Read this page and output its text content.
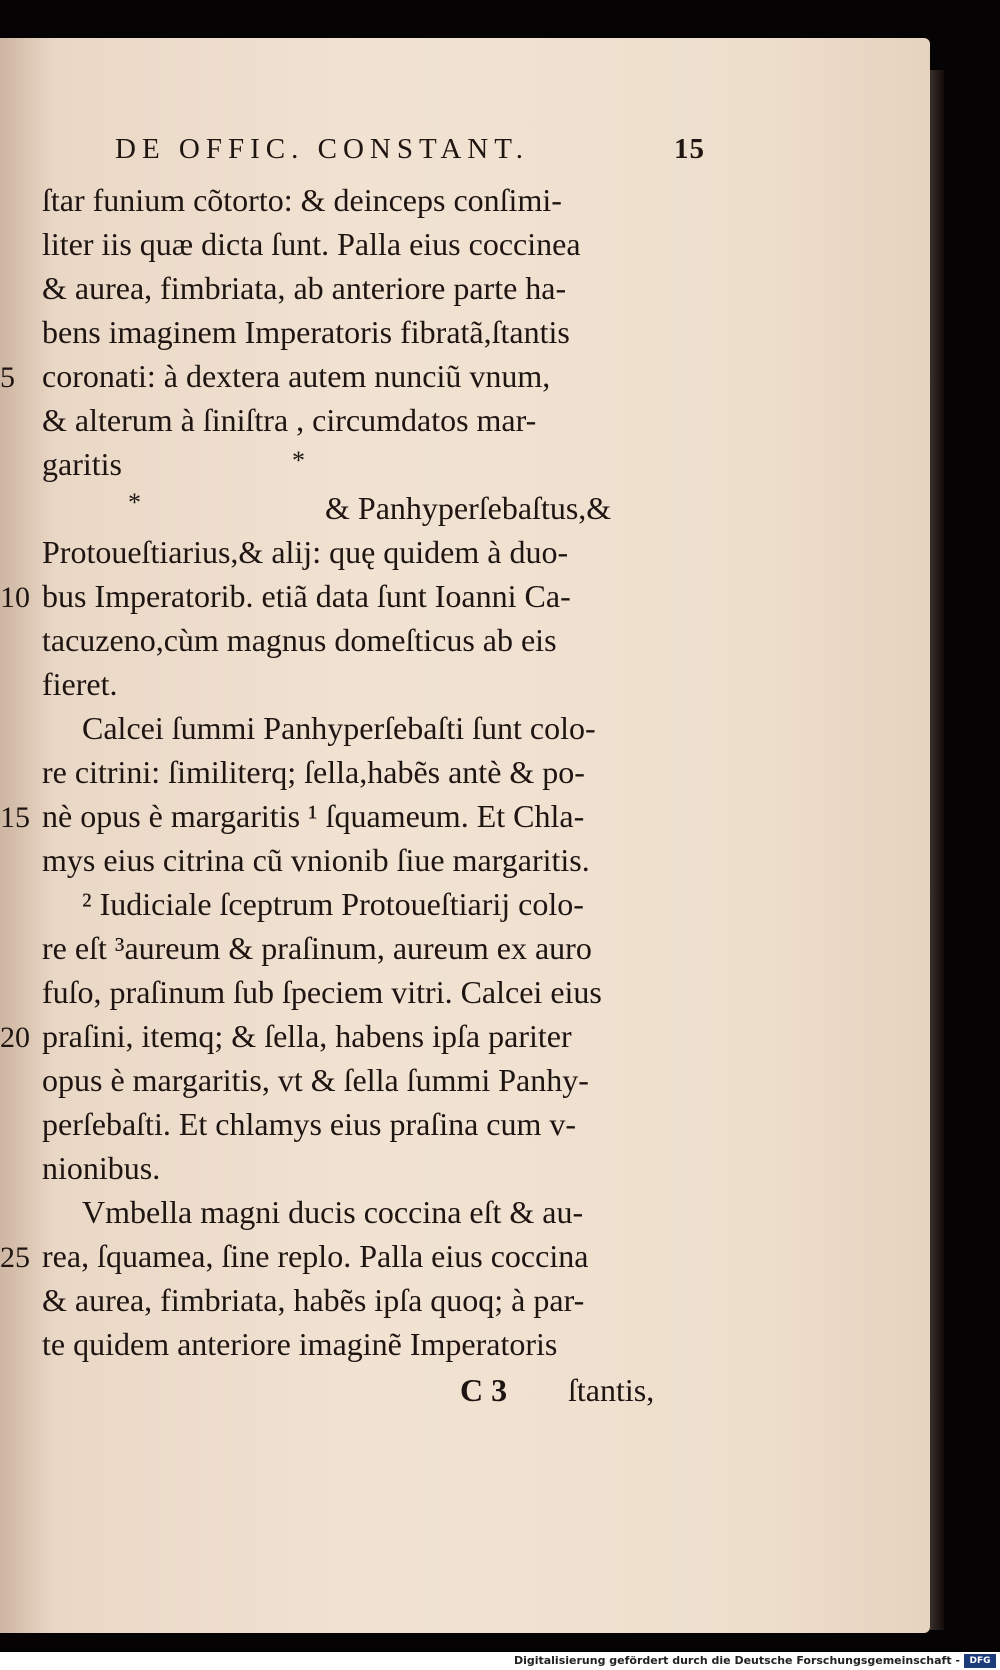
DE OFFIC. CONSTANT.	15
ſtar funium cõtorto: & deinceps conſimi-
liter iis quæ dicta ſunt. Palla eius coccinea
& aurea, fimbriata, ab anteriore parte ha-
bens imaginem Imperatoris fibratã,ſtantis
coronati: à dextera autem nunciũ vnum,
& alterum à ſiniſtra , circumdatos mar-
garitis	*
*	& Panhyperſebaſtus,&
Protoueſtiarius,& alij: quę quidem à duo-
bus Imperatorib. etiã data ſunt Ioanni Ca-
tacuzeno,cùm magnus domeſticus ab eis
fieret.
Calcei ſummi Panhyperſebaſti ſunt colo-
re citrini: ſimiliterq; ſella,habẽs antè & po-
nè opus è margaritis ¹ ſquameum. Et Chla-
mys eius citrina cũ vnionib ſiue margaritis.
² Iudiciale ſceptrum Protoueſtiarij colo-
re eſt ³aureum & praſinum, aureum ex auro
fuſo, praſinum ſub ſpeciem vitri. Calcei eius
praſini, itemq; & ſella, habens ipſa pariter
opus è margaritis, vt & ſella ſummi Panhy-
perſebaſti. Et chlamys eius praſina cum v-
nionibus.
Vmbella magni ducis coccina eſt & au-
rea, ſquamea, ſine replo. Palla eius coccina
& aurea, fimbriata, habẽs ipſa quoq; à par-
te quidem anteriore imaginẽ Imperatoris
5
10
15
20
25
C 3 ſtantis,
Digitalisierung gefördert durch die Deutsche Forschungsgemeinschaft -	DFG
